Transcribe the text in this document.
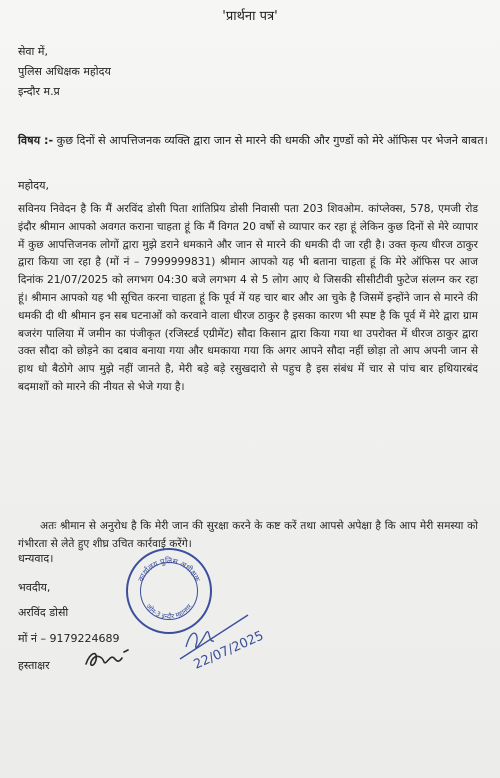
'प्रार्थना पत्र'
सेवा में,
पुलिस अधिक्षक महोदय
इन्दौर म.प्र
विषय :- कुछ दिनों से आपत्तिजनक व्यक्ति द्वारा जान से मारने की धमकी और गुण्डों को मेरे ऑफिस पर भेजने बाबत।
महोदय,
सविनय निवेदन है कि मैं अरविंद डोसी पिता शांतिप्रिय डोसी निवासी पता 203 शिवओम. कांप्लेक्स, 578, एमजी रोड इंदौर श्रीमान आपको अवगत कराना चाहता हूं कि मैं विगत 20 वर्षो से व्यापार कर रहा हूं लेकिन कुछ दिनों से मेरे व्यापार में कुछ आपत्तिजनक लोगों द्वारा मुझे डराने धमकाने और जान से मारने की धमकी दी जा रही है। उक्त कृत्य धीरज ठाकुर द्वारा किया जा रहा है (मों नं – 7999999831) श्रीमान आपको यह भी बताना चाहता हूं कि मेरे ऑफिस पर आज दिनांक 21/07/2025 को लगभग 04:30 बजे लगभग 4 से 5 लोग आए थे जिसकी सीसीटीवी फुटेज संलग्न कर रहा हूं। श्रीमान आपको यह भी सूचित करना चाहता हूं कि पूर्व में यह चार बार और आ चुके है जिसमें इन्होंने जान से मारने की धमकी दी थी श्रीमान इन सब घटनाओं को करवाने वाला धीरज ठाकुर है इसका कारण भी स्पष्ट है कि पूर्व में मेरे द्वारा ग्राम बजरंग पालिया में जमीन का पंजीकृत (रजिस्टर्ड एग्रीमेंट) सौदा किसान द्वारा किया गया था उपरोक्त में धीरज ठाकुर द्वारा उक्त सौदा को छोड़ने का दबाव बनाया गया और धमकाया गया कि अगर आपने सौदा नहीं छोड़ा तो आप अपनी जान से हाथ धो बैठोगे आप मुझे नहीं जानते है, मेरी बड़े बड़े रसुखदारो से पहुच है इस संबंध में चार से पांच बार हथियारबंद बदमाशों को मारने की नीयत से भेजे गया है।
अतः श्रीमान से अनुरोध है कि मेरी जान की सुरक्षा करने के कष्ट करें तथा आपसे अपेक्षा है कि आप मेरी समस्या को गंभीरता से लेते हुए शीघ्र उचित कार्रवाई करेंगे।
धन्यवाद।
भवदीय,
अरविंद डोसी
मों नं – 9179224689
हस्ताक्षर
कार्यालय पुलिस अधीक्षक
जोन-3 इन्दौर महानगर
22/07/2025
